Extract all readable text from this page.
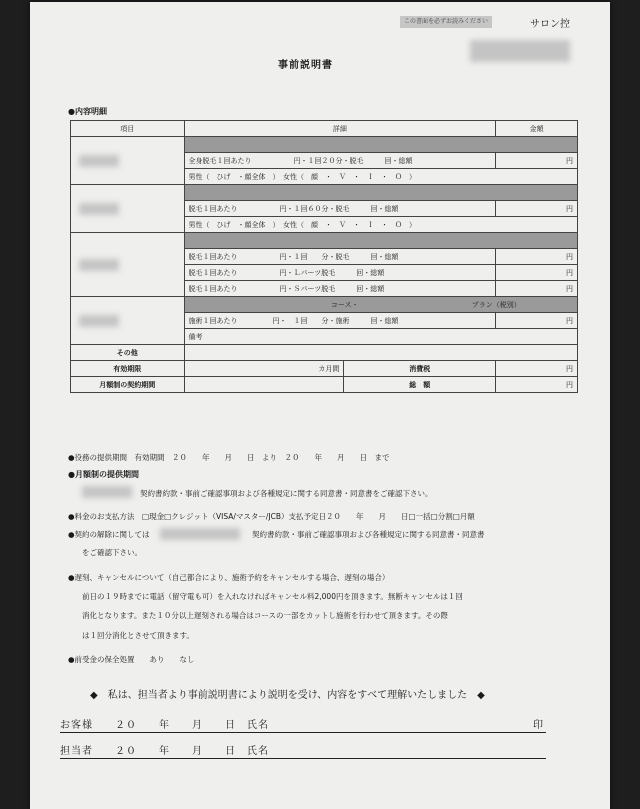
この書面を必ずお読みください	サロン控
事前説明書
●内容明細
項目	詳細		金額

	全身脱毛１回あたり　　　　　　円・１回２０分・脱毛　　　回・総額		円
	男性（　ひげ　・顔全体　）　女性（　顔　・　Ｖ　・　Ｉ　・　Ｏ　）		

	脱毛１回あたり　　　　　　円・１回６０分・脱毛　　　回・総額		円
	男性（　ひげ　・顔全体　）　女性（　顔　・　Ｖ　・　Ｉ　・　Ｏ　）		

	脱毛１回あたり　　　　　　円・１回　　分・脱毛　　　回・総額		円
	脱毛１回あたり　　　　　　円・Ｌパーツ脱毛　　　回・総額		円
	脱毛１回あたり　　　　　　円・Ｓパーツ脱毛　　　回・総額		円

	コース・ プラン（税別）		
	施術１回あたり　　　　　円・　１回　　分・施術　　　回・総額		円
	備考		
その他			
有効期限	カ月間	消費税	円
月額制の契約期間		総　額	円
●役務の提供期間　有効期間　２０　　年　　月　　日　より　２０　　年　　月　　日　まで
●月額制の提供期間
契約書約款・事前ご確認事項および各種規定に関する同意書・同意書をご確認下さい。
●料金のお支払方法　□現金□クレジット（VISA/マスター/JCB）支払予定日２０　　年　　月　　日□一括□分割□月額
●契約の解除に関しては	契約書約款・事前ご確認事項および各種規定に関する同意書・同意書
をご確認下さい。
●遅刻、キャンセルについて（自己都合により、施術予約をキャンセルする場合、遅刻の場合）
前日の１９時までに電話（留守電も可）を入れなければキャンセル料2,000円を頂きます。無断キャンセルは１回
消化となります。また１０分以上遅刻される場合はコースの一部をカットし施術を行わせて頂きます。その際
は１回分消化とさせて頂きます。
●前受金の保全処置　　あり　　なし
◆　私は、担当者より事前説明書により説明を受け、内容をすべて理解いたしました　◆
お客様　　２０　　年　　月　　日　氏名	印
担当者　　２０　　年　　月　　日　氏名
